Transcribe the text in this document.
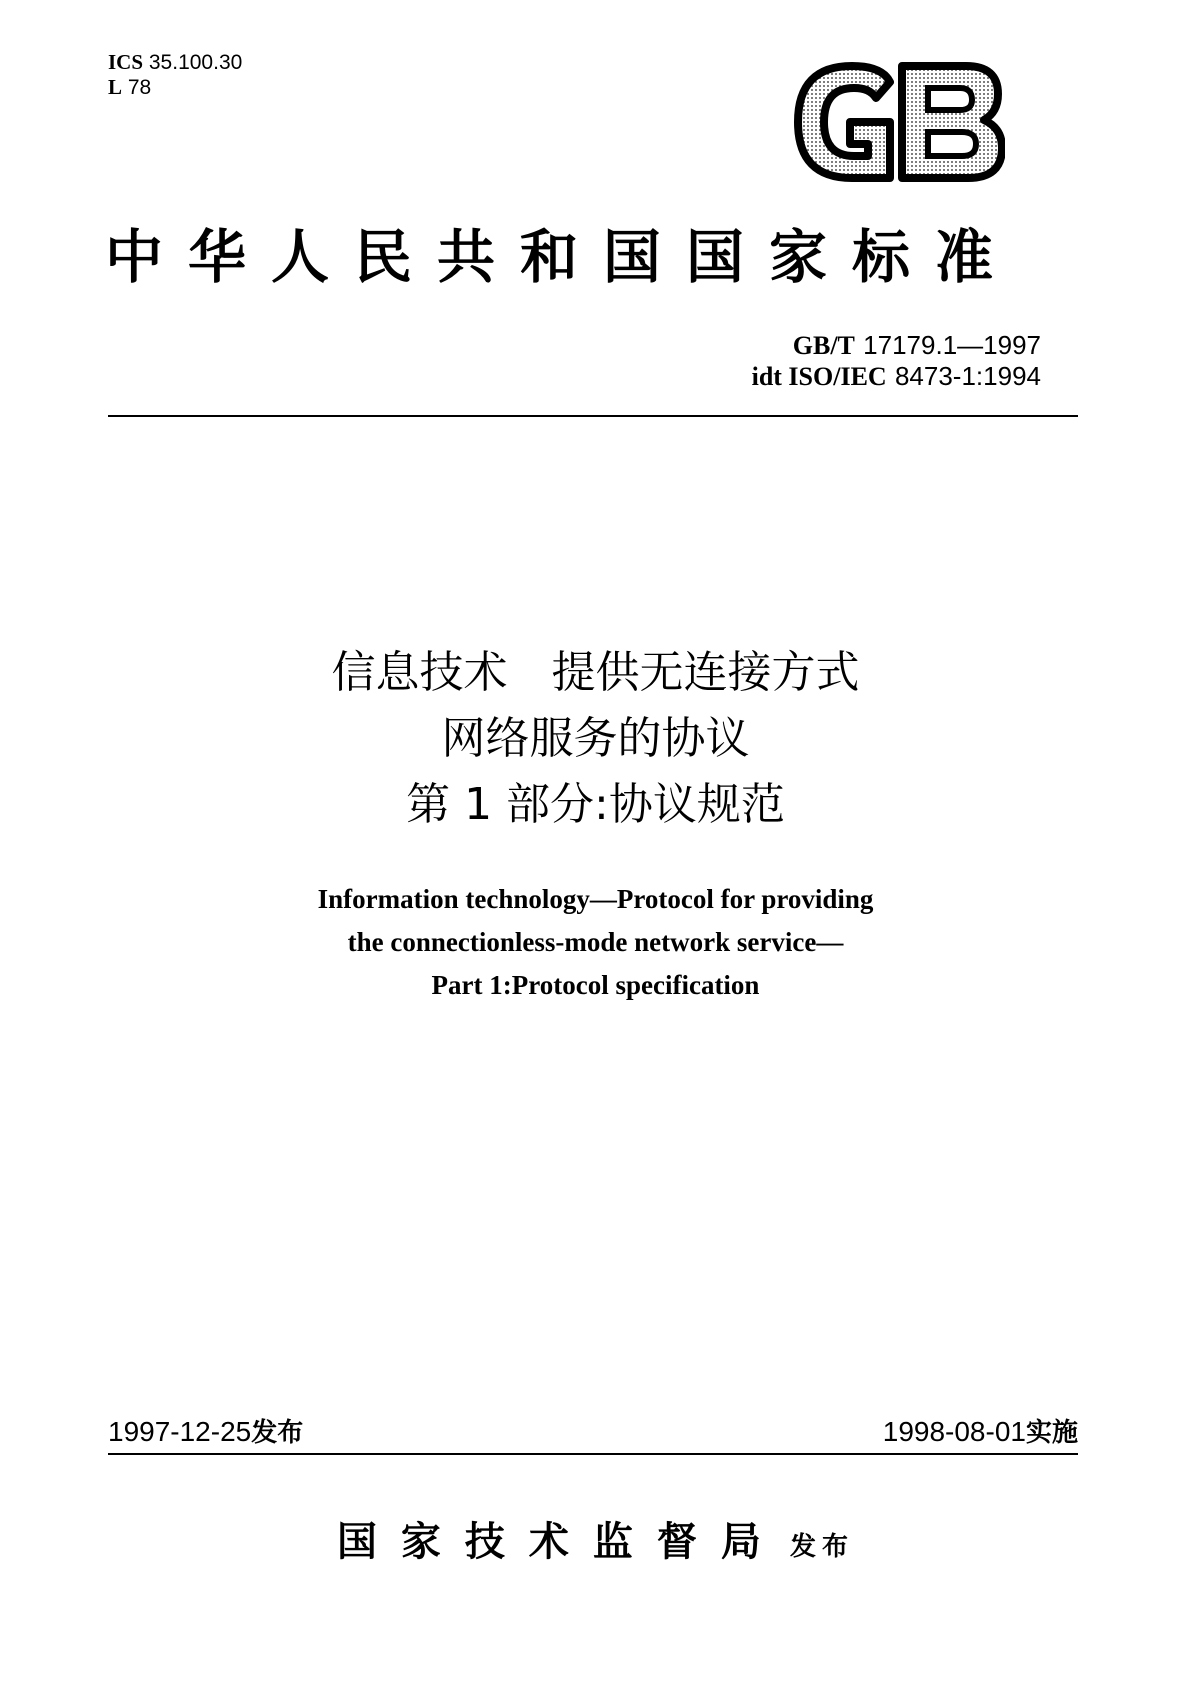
ICS 35.100.30
L 78
中华人民共和国国家标准
GB/T 17179.1—1997
idt ISO/IEC 8473-1:1994
信息技术　提供无连接方式
网络服务的协议
第 1 部分:协议规范
Information technology—Protocol for providing
the connectionless-mode network service—
Part 1:Protocol specification
1997-12-25发布	1998-08-01实施
国家技术监督局 发布
